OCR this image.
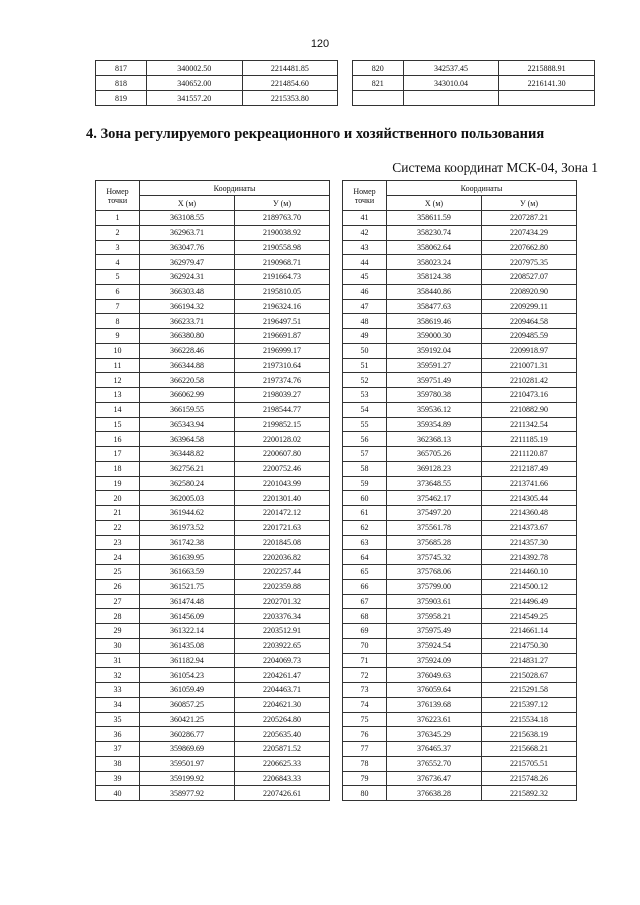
120
817	340002.50	2214481.85		820	342537.45	2215888.91
818	340652.00	2214854.60		821	343010.04	2216141.30
819	341557.20	2215353.80				
4. Зона регулируемого рекреационного и хозяйственного пользования
Система координат МСК-04, Зона 1
Номер точки	Координаты	
	X (м)	У (м)
1	363108.55	2189763.70
2	362963.71	2190038.92
3	363047.76	2190558.98
4	362979.47	2190968.71
5	362924.31	2191664.73
6	366303.48	2195810.05
7	366194.32	2196324.16
8	366233.71	2196497.51
9	366380.80	2196691.87
10	366228.46	2196999.17
11	366344.88	2197310.64
12	366220.58	2197374.76
13	366062.99	2198039.27
14	366159.55	2198544.77
15	365343.94	2199852.15
16	363964.58	2200128.02
17	363448.82	2200607.80
18	362756.21	2200752.46
19	362580.24	2201043.99
20	362005.03	2201301.40
21	361944.62	2201472.12
22	361973.52	2201721.63
23	361742.38	2201845.08
24	361639.95	2202036.82
25	361663.59	2202257.44
26	361521.75	2202359.88
27	361474.48	2202701.32
28	361456.09	2203376.34
29	361322.14	2203512.91
30	361435.08	2203922.65
31	361182.94	2204069.73
32	361054.23	2204261.47
33	361059.49	2204463.71
34	360857.25	2204621.30
35	360421.25	2205264.80
36	360286.77	2205635.40
37	359869.69	2205871.52
38	359501.97	2206625.33
39	359199.92	2206843.33
40	358977.92	2207426.61
Номер точки	Координаты	
	X (м)	У (м)
41	358611.59	2207287.21
42	358230.74	2207434.29
43	358062.64	2207662.80
44	358023.24	2207975.35
45	358124.38	2208527.07
46	358440.86	2208920.90
47	358477.63	2209299.11
48	358619.46	2209464.58
49	359000.30	2209485.59
50	359192.04	2209918.97
51	359591.27	2210071.31
52	359751.49	2210281.42
53	359780.38	2210473.16
54	359536.12	2210882.90
55	359354.89	2211342.54
56	362368.13	2211185.19
57	365705.26	2211120.87
58	369128.23	2212187.49
59	373648.55	2213741.66
60	375462.17	2214305.44
61	375497.20	2214360.48
62	375561.78	2214373.67
63	375685.28	2214357.30
64	375745.32	2214392.78
65	375768.06	2214460.10
66	375799.00	2214500.12
67	375903.61	2214496.49
68	375958.21	2214549.25
69	375975.49	2214661.14
70	375924.54	2214750.30
71	375924.09	2214831.27
72	376049.63	2215028.67
73	376059.64	2215291.58
74	376139.68	2215397.12
75	376223.61	2215534.18
76	376345.29	2215638.19
77	376465.37	2215668.21
78	376552.70	2215705.51
79	376736.47	2215748.26
80	376638.28	2215892.32
